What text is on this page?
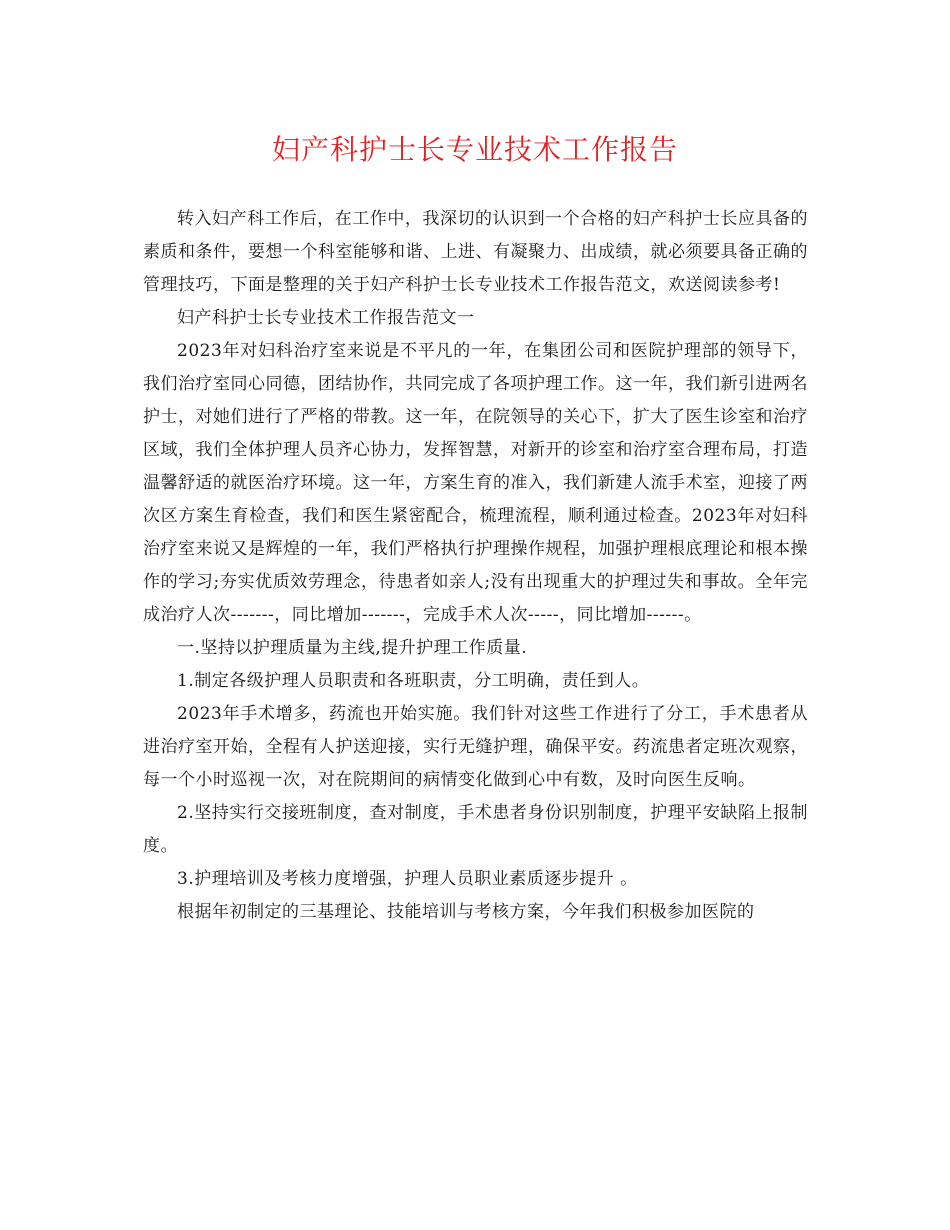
妇产科护士长专业技术工作报告

转入妇产科工作后，在工作中，我深切的认识到一个合格的妇产科护士长应具备的素质和条件，要想一个科室能够和谐、上进、有凝聚力、出成绩，就必须要具备正确的管理技巧，下面是整理的关于妇产科护士长专业技术工作报告范文，欢送阅读参考!

妇产科护士长专业技术工作报告范文一

2023年对妇科治疗室来说是不平凡的一年，在集团公司和医院护理部的领导下，我们治疗室同心同德，团结协作，共同完成了各项护理工作。这一年，我们新引进两名护士，对她们进行了严格的带教。这一年，在院领导的关心下，扩大了医生诊室和治疗区域，我们全体护理人员齐心协力，发挥智慧，对新开的诊室和治疗室合理布局，打造温馨舒适的就医治疗环境。这一年，方案生育的准入，我们新建人流手术室，迎接了两次区方案生育检查，我们和医生紧密配合，梳理流程，顺利通过检查。2023年对妇科治疗室来说又是辉煌的一年，我们严格执行护理操作规程，加强护理根底理论和根本操作的学习;夯实优质效劳理念，待患者如亲人;没有出现重大的护理过失和事故。全年完成治疗人次-------，同比增加-------，完成手术人次-----，同比增加------。

一.坚持以护理质量为主线,提升护理工作质量.

1.制定各级护理人员职责和各班职责，分工明确，责任到人。

2023年手术增多，药流也开始实施。我们针对这些工作进行了分工，手术患者从进治疗室开始，全程有人护送迎接，实行无缝护理，确保平安。药流患者定班次观察，每一个小时巡视一次，对在院期间的病情变化做到心中有数，及时向医生反响。

2.坚持实行交接班制度，查对制度，手术患者身份识别制度，护理平安缺陷上报制度。

3.护理培训及考核力度增强，护理人员职业素质逐步提升 。

根据年初制定的三基理论、技能培训与考核方案，今年我们积极参加医院的
